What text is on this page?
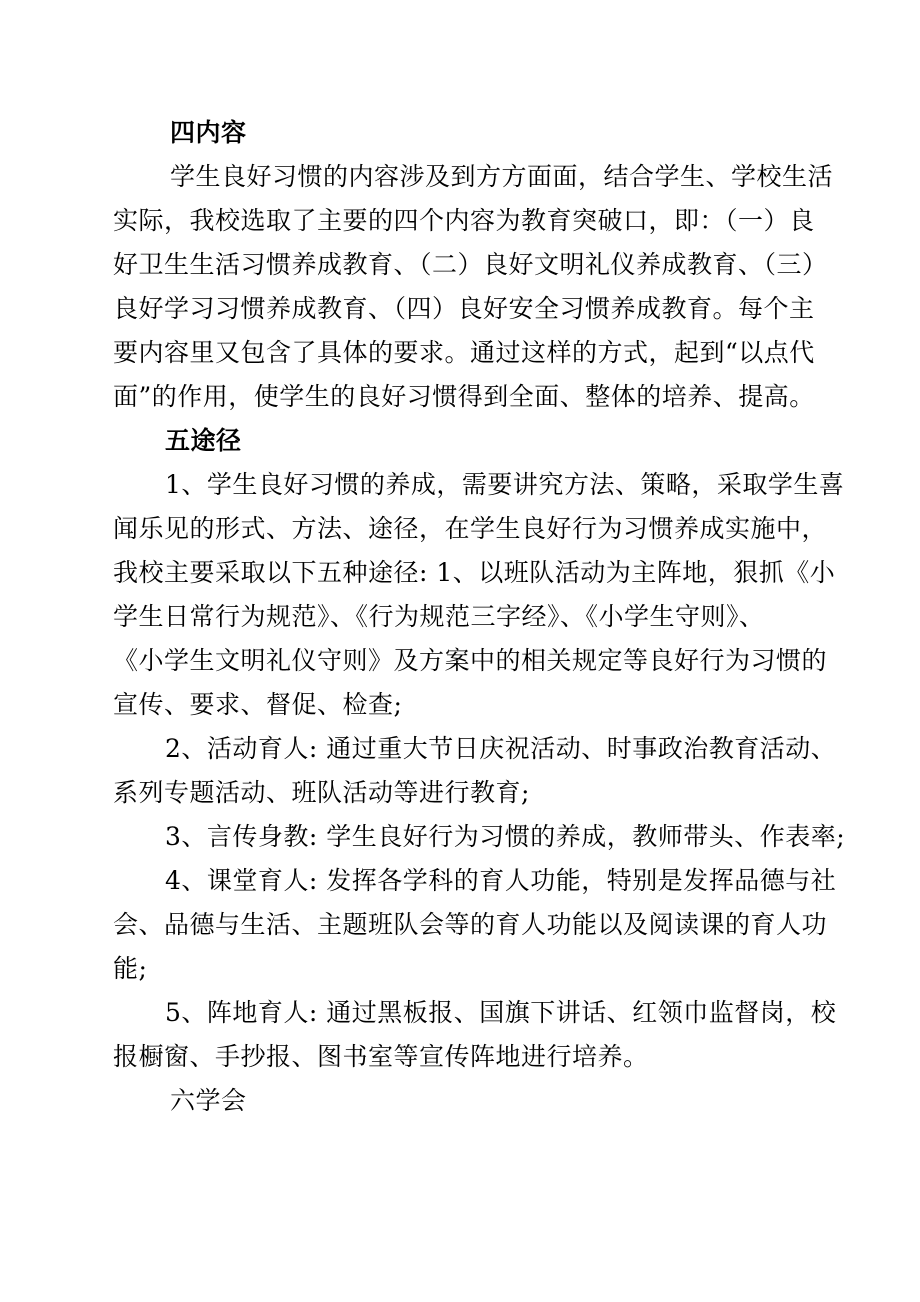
四内容
学生良好习惯的内容涉及到方方面面，结合学生、学校生活
实际，我校选取了主要的四个内容为教育突破口，即：（一）良
好卫生生活习惯养成教育、（二）良好文明礼仪养成教育、（三）
良好学习习惯养成教育、（四）良好安全习惯养成教育。每个主
要内容里又包含了具体的要求。通过这样的方式，起到“以点代
面”的作用，使学生的良好习惯得到全面、整体的培养、提高。
五途径
1、学生良好习惯的养成，需要讲究方法、策略，采取学生喜
闻乐见的形式、方法、途径，在学生良好行为习惯养成实施中，
我校主要采取以下五种途径: 1、以班队活动为主阵地，狠抓《小
学生日常行为规范》、《行为规范三字经》、《小学生守则》、
《小学生文明礼仪守则》及方案中的相关规定等良好行为习惯的
宣传、要求、督促、检查;
2、活动育人: 通过重大节日庆祝活动、时事政治教育活动、
系列专题活动、班队活动等进行教育;
3、言传身教: 学生良好行为习惯的养成，教师带头、作表率;
4、课堂育人: 发挥各学科的育人功能，特别是发挥品德与社
会、品德与生活、主题班队会等的育人功能以及阅读课的育人功
能;
5、阵地育人: 通过黑板报、国旗下讲话、红领巾监督岗，校
报橱窗、手抄报、图书室等宣传阵地进行培养。
六学会
